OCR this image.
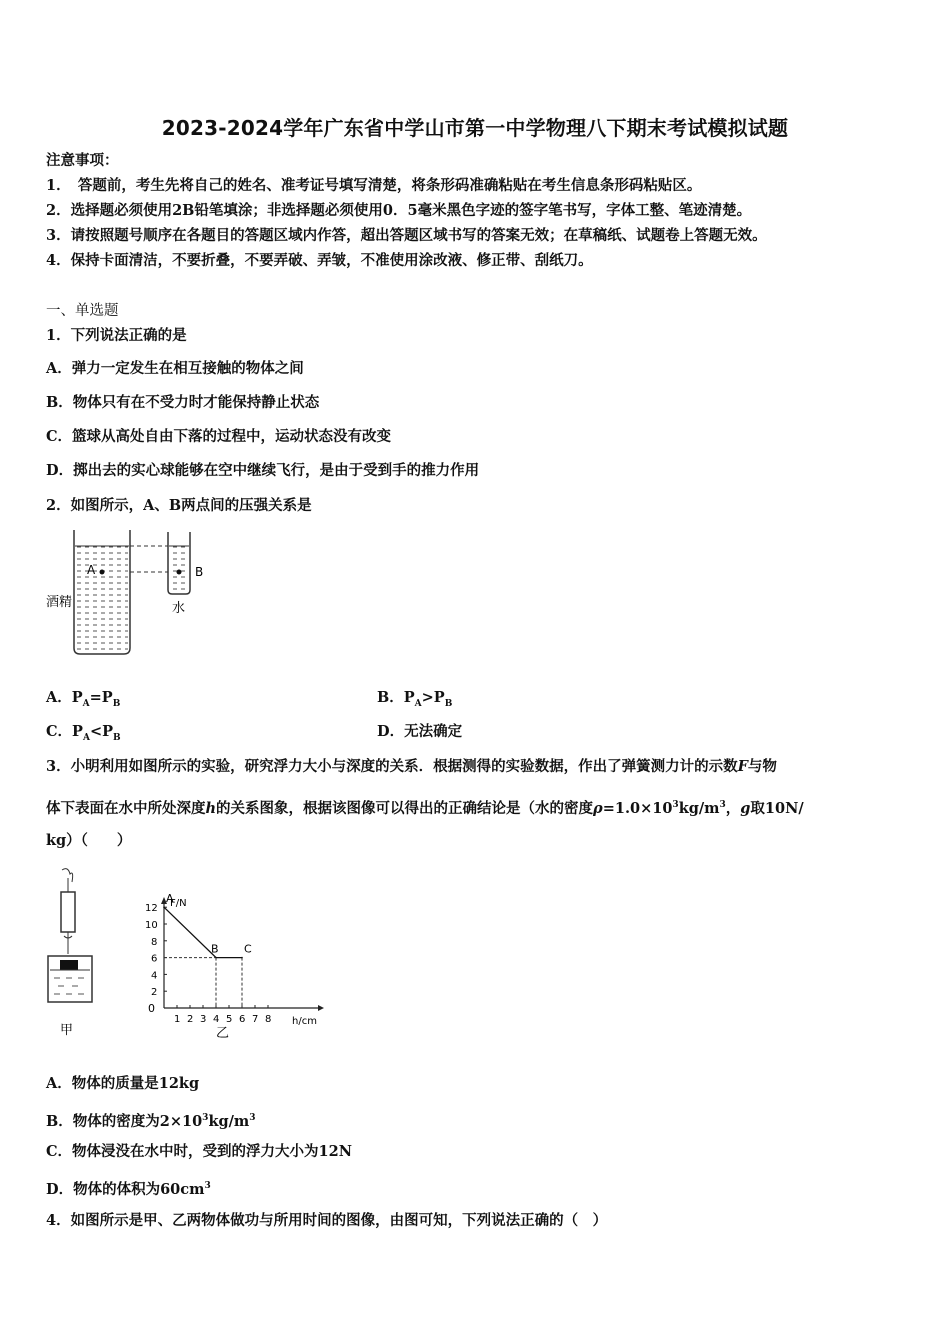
2023-2024学年广东省中学山市第一中学物理八下期末考试模拟试题
注意事项：
1．　答题前，考生先将自己的姓名、准考证号填写清楚，将条形码准确粘贴在考生信息条形码粘贴区。
2．选择题必须使用2B铅笔填涂；非选择题必须使用0．5毫米黑色字迹的签字笔书写，字体工整、笔迹清楚。
3．请按照题号顺序在各题目的答题区域内作答，超出答题区域书写的答案无效；在草稿纸、试题卷上答题无效。
4．保持卡面清洁，不要折叠，不要弄破、弄皱，不准使用涂改液、修正带、刮纸刀。
一、单选题
1．下列说法正确的是
A．弹力一定发生在相互接触的物体之间
B．物体只有在不受力时才能保持静止状态
C．篮球从高处自由下落的过程中，运动状态没有改变
D．掷出去的实心球能够在空中继续飞行，是由于受到手的推力作用
2．如图所示，A、B两点间的压强关系是
A	B
酒精	水
A．$P_A=P_B$	B．$P_A>P_B$
C．$P_A<P_B$	D．无法确定
3．小明利用如图所示的实验，研究浮力大小与深度的关系．根据测得的实验数据，作出了弹簧测力计的示数F与物
体下表面在水中所处深度h的关系图象，根据该图像可以得出的正确结论是（水的密度$\rho=1.0\times 10^3kg/m^3$，g取10N/
kg）（　　）
甲
F/N
h/cm
0
乙
1 2 3 4 5 6 7 8
2
4
6
8
10
12
A
B C
A．物体的质量是12kg
B．物体的密度为$2\times 10^3kg/m^3$
C．物体浸没在水中时，受到的浮力大小为12N
D．物体的体积为$60cm^3$
4．如图所示是甲、乙两物体做功与所用时间的图像，由图可知，下列说法正确的（　）
